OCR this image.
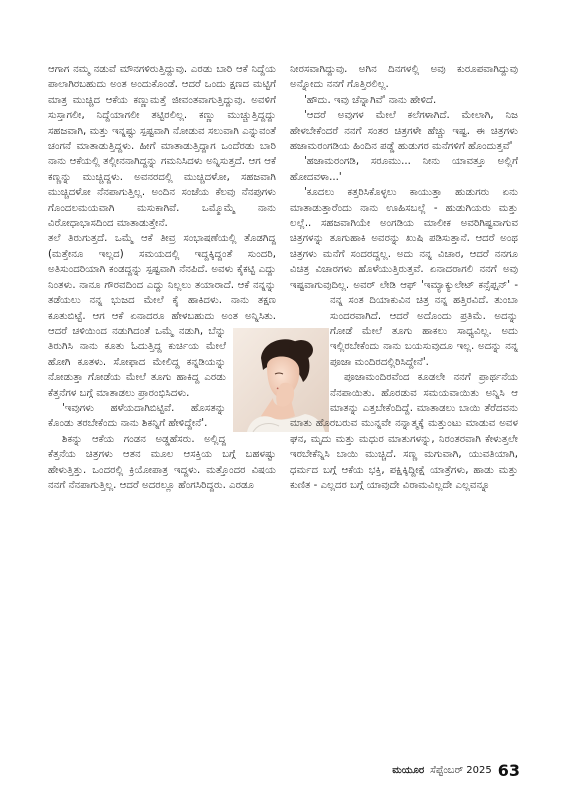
ನೀರಸವಾಗಿದ್ದುವು. ಅಗಿನ ದಿನಗಳಲ್ಲಿ ಅವು ಕುರೂಪವಾಗಿದ್ದುವು ಅನ್ನೋದು ನನಗೆ ಗೊತ್ತಿರಲಿಲ್ಲ.

'ಹೌದು. ಇವು ಚೆನ್ನಾಗಿವೆ' ನಾನು ಹೇಳಿದೆ.

'ಆದರೆ ಅವುಗಳ ಮೇಲೆ ಕಲೆಗಳಾಗಿದೆ. ಮೇಲಾಗಿ, ನಿಜ ಹೇಳಬೇಕೆಂದರೆ ನನಗೆ ಸಂತರ ಚಿತ್ರಗಳೇ ಹೆಚ್ಚು ಇಷ್ಟ. ಈ ಚಿತ್ರಗಳು ಹಜಾಮರಂಗಡಿಯ ಹಿಂದಿನ ಪಡ್ಡೆ ಹುಡುಗರ ಮನೆಗಳಿಗೆ ಹೊಂದುತ್ತವೆ'

'ಹಜಾಮರಂಗಡಿ, ಸರೂಮು... ನೀನು ಯಾವತ್ತೂ ಅಲ್ಲಿಗೆ ಹೋದವಳಾ...'

'ಕೂದಲು ಕತ್ತರಿಸಿಕೊಳ್ಳಲು ಕಾಯುತ್ತಾ ಹುಡುಗರು ಏನು ಮಾತಾಡುತ್ತಾರೆಂದು ನಾನು ಊಹಿಸಬಲ್ಲೆ - ಹುಡುಗಿಯರು ಮತ್ತು ಲಲ್ಲೆ.. ಸಹಜವಾಗಿಯೇ ಅಂಗಡಿಯ ಮಾಲೀಕ ಅವರಿಗಿಷ್ಟವಾಗುವ ಚಿತ್ರಗಳನ್ನು ತೂಗುಹಾಕಿ ಅವರನ್ನು ಖುಷಿ ಪಡಿಸುತ್ತಾನೆ. ಆದರೆ ಅಂಥ ಚಿತ್ರಗಳು ಮನೆಗೆ ಸಂದರದ್ದಲ್ಲ. ಅದು ನನ್ನ ವಿಚಾರ, ಆದರೆ ನನಗೂ ವಿಚಿತ್ರ ವಿಚಾರಗಳು ಹೊಳೆಯುತ್ತಿರುತ್ತವೆ. ಏನಾದರಾಗಲಿ ನನಗೆ ಅವು ಇಷ್ಟವಾಗುವುದಿಲ್ಲ. ಅವರ್ ಲೇಡಿ ಆಫ್ 'ಇಮ್ಯಾಕ್ಯುಲೇಟ್ ಕನ್ಸೆಪ್ಷನ್' - ನನ್ನ ಸಂತ ದಿಯಾಕುವಿನ ಚಿತ್ರ ನನ್ನ ಹತ್ತಿರವಿದೆ. ತುಂಬಾ ಸುಂದರವಾಗಿದೆ. ಆದರೆ ಅದೊಂದು ಪ್ರತಿಮೆ. ಅದನ್ನು ಗೋಡೆ ಮೇಲೆ ತೂಗು ಹಾಕಲು ಸಾಧ್ಯವಿಲ್ಲ. ಅದು ಇಲ್ಲಿರಬೇಕೆಂದು ನಾನು ಬಯಸುವುದೂ ಇಲ್ಲ. ಅದನ್ನು ನನ್ನ ಪೂಜಾ ಮಂದಿರದಲ್ಲಿರಿಸಿದ್ದೇನೆ'.

ಪೂಜಾಮಂದಿರವೆಂದ ಕೂಡಲೇ ನನಗೆ ಪ್ರಾರ್ಥನೆಯ ನೆನಪಾಯಿತು. ಹೊರಡುವ ಸಮಯವಾಯಿತು ಅನ್ನಿಸಿ ಆ ಮಾತನ್ನು ಎತ್ತಬೇಕೆಂದಿದ್ದೆ. ಮಾತಾಡಲು ಬಾಯಿ ತೆರೆದವನು ಮಾತು ಹೊರಬರುವ ಮುನ್ನವೇ ನನ್ನಾತ್ಮಕ್ಕೆ ಮತ್ತುಂಟು ಮಾಡುವ ಅವಳ ಘನ, ಮೃದು ಮತ್ತು ಮಧುರ ಮಾತುಗಳನ್ನು, ನಿರಂತರವಾಗಿ ಕೇಳುತ್ತಲೇ ಇರಬೇಕೆನ್ನಿಸಿ ಬಾಯಿ ಮುಚ್ಚಿದೆ. ಸಣ್ಣ ಮಗುವಾಗಿ, ಯುವತಿಯಾಗಿ, ಧರ್ಮದ ಬಗ್ಗೆ ಆಕೆಯ ಭಕ್ತಿ, ಪಕ್ಷಿಕ್ಕಿದ್ದೀಕ್ಷೆ ಯಾತ್ರೆಗಳು, ಹಾಡು ಮತ್ತು ಕುಣಿತ - ಎಲ್ಲದರ ಬಗ್ಗೆ ಯಾವುದೇ ವಿರಾಮವಿಲ್ಲದೇ ಎಲ್ಲವನ್ನೂ

ಮಯೂರ ಸೆಪ್ಟೆಂಬರ್ 2025 63

ಆಗಾಗ ನಮ್ಮ ನಡುವೆ ಮೌನಗಳಿರುತ್ತಿದ್ದುವು. ಎರಡು ಬಾರಿ ಆಕೆ ನಿದ್ದೆಯ ಪಾಲಾಗಿರಬಹುದು ಅಂತ ಅಂದುಕೊಂಡೆ. ಆದರೆ ಒಂದು ಕ್ಷಣದ ಮಟ್ಟಿಗೆ ಮಾತ್ರ ಮುಚ್ಚಿದ ಆಕೆಯ ಕಣ್ಣುಮತ್ತೆ ಜೀವಂತವಾಗುತ್ತಿದ್ದುವು. ಅವಳಿಗೆ ಸುಸ್ತಾಗಲೀ, ನಿದ್ದೆಯಾಗಲೀ ತಟ್ಟಿರಲಿಲ್ಲ. ಕಣ್ಣು ಮುಚ್ಚುತ್ತಿದ್ದದ್ದು ಸಹಜವಾಗಿ, ಮತ್ತು ಇನ್ನಷ್ಟು ಸ್ಪಷ್ಟವಾಗಿ ನೋಡುವ ಸಲುವಾಗಿ ಎನ್ನುವಂತೆ ಚಂಗನೆ ಮಾತಾಡುತ್ತಿದ್ದಳು. ಹೀಗೆ ಮಾತಾಡುತ್ತಿದ್ದಾಗ ಒಂದೆರಡು ಬಾರಿ ನಾನು ಆಕೆಯಲ್ಲಿ ತಲ್ಲೀನನಾಗಿದ್ದನ್ನು ಗಮನಿಸಿದಳು ಅನ್ನಿಸುತ್ತದೆ. ಆಗ ಆಕೆ ಕಣ್ಣನ್ನು ಮುಚ್ಚಿದ್ದಳು. ಅವನರದಲ್ಲಿ ಮುಚ್ಚಿದಳೋ, ಸಹಜವಾಗಿ ಮುಚ್ಚಿದಳೋ ನೆನಪಾಗುತ್ತಿಲ್ಲ. ಅಂದಿನ ಸಂಜೆಯ ಕೆಲವು ನೆನಪುಗಳು ಗೊಂದಲಮಯವಾಗಿ ಮಸುಕಾಗಿವೆ. ಒಮ್ಮೊಮ್ಮೆ ನಾನು ವಿರೋಧಾಭಾಸದಿಂದ ಮಾತಾಡುತ್ತೇನೆ.

ತಲೆ ತಿರುಗುತ್ತದೆ. ಒಮ್ಮೆ ಆಕೆ ತೀವ್ರ ಸಂಭಾಷಣೆಯಲ್ಲಿ ತೊಡಗಿದ್ದ (ಮತ್ತೇನೂ ಇಲ್ಲದ) ಸಮಯದಲ್ಲಿ ಇದ್ದಕ್ಕಿದ್ದಂತೆ ಸುಂದರಿ, ಅತಿಸುಂದರಿಯಾಗಿ ಕಂಡದ್ದನ್ನು ಸ್ಪಷ್ಟವಾಗಿ ನೆನಪಿದೆ. ಅವಳು ಕೈಕಟ್ಟಿ ಎದ್ದು ನಿಂತಳು. ನಾನೂ ಗೌರವದಿಂದ ಎದ್ದು ನಿಲ್ಲಲು ತಯಾರಾದೆ. ಆಕೆ ನನ್ನನ್ನು ತಡೆಯಲು ನನ್ನ ಭುಜದ ಮೇಲೆ ಕೈ ಹಾಕಿದಳು. ನಾನು ತಕ್ಷಣ ಕೂತುಬಿಟ್ಟೆ. ಆಗ ಆಕೆ ಏನಾದರೂ ಹೇಳಬಹುದು ಅಂತ ಅನ್ನಿಸಿತು. ಆದರೆ ಚಳಿಯಿಂದ ನಡುಗಿದಂತೆ ಒಮ್ಮೆ ನಡುಗಿ, ಬೆನ್ನು ತಿರುಗಿಸಿ ನಾನು ಕೂತು ಓದುತ್ತಿದ್ದ ಕುರ್ಚಿಯ ಮೇಲೆ ಹೋಗಿ ಕೂತಳು. ಸೋಫಾದ ಮೇಲಿದ್ದ ಕನ್ನಡಿಯನ್ನು ನೋಡುತ್ತಾ ಗೋಡೆಯ ಮೇಲೆ ತೂಗು ಹಾಕಿದ್ದ ಎರಡು ಕೆತ್ತನೆಗಳ ಬಗ್ಗೆ ಮಾತಾಡಲು ಪ್ರಾರಂಭಿಸಿದಳು.

'ಇವುಗಳು ಹಳೆಯದಾಗಿಬಿಟ್ಟಿವೆ. ಹೊಸತನ್ನು ಕೊಂಡು ತರಬೇಕೆಂದು ನಾನು ಶಿಕನ್ನಿಗೆ ಹೇಳಿದ್ದೇನೆ'.

ಶಿಕನ್ನು ಆಕೆಯ ಗಂಡನ ಅಡ್ಡಹೆಸರು. ಅಲ್ಲಿದ್ದ ಕೆತ್ತನೆಯ ಚಿತ್ರಗಳು ಆತನ ಮೂಲ ಆಸಕ್ತಿಯ ಬಗ್ಗೆ ಬಹಳಷ್ಟು ಹೇಳುತ್ತಿತ್ತು. ಒಂದರಲ್ಲಿ ಕ್ರಿಯೋಪಾತ್ರ ಇದ್ದಳು. ಮತ್ತೊಂದರ ವಿಷಯ ನನಗೆ ನೆನಪಾಗುತ್ತಿಲ್ಲ. ಆದರೆ ಅದರಲ್ಲೂ ಹೆಂಗಸಿರಿದ್ದರು. ಎರಡೂ
